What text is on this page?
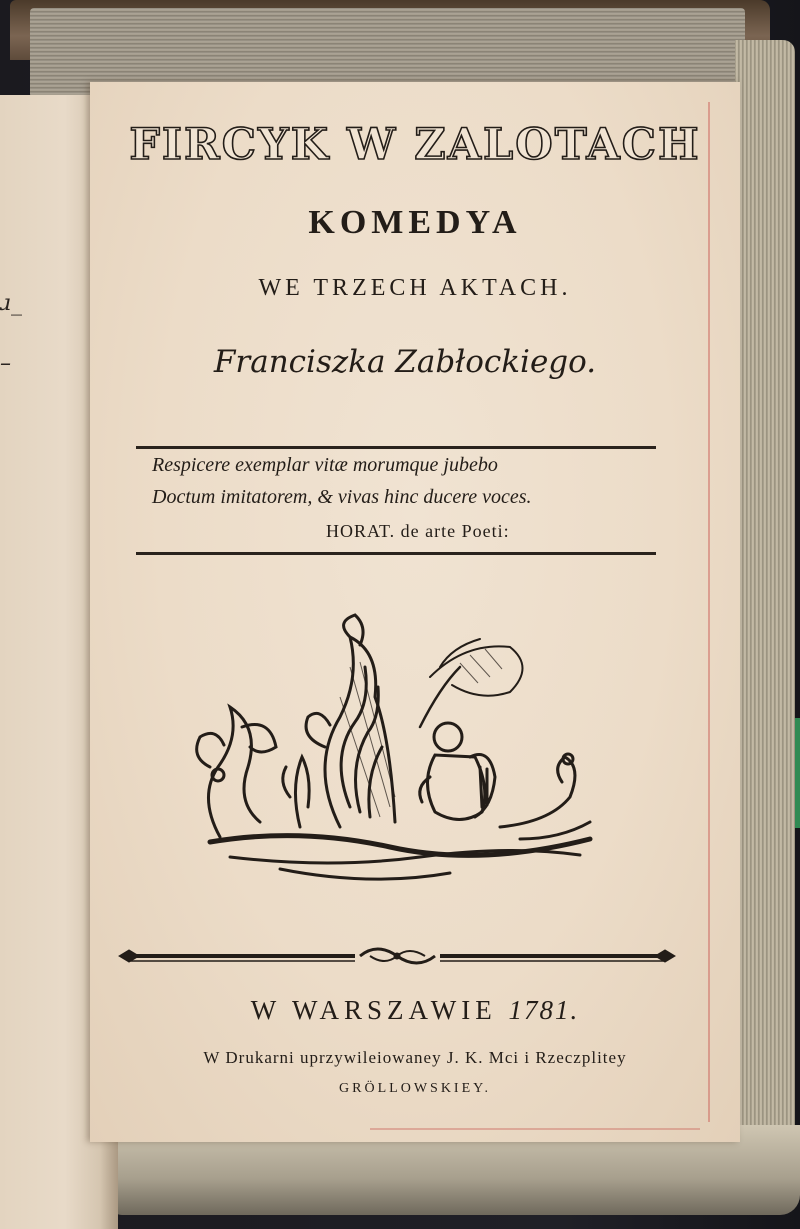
ɹ_
–
FIRCYK W ZALOTACH
KOMEDYA
WE TRZECH AKTACH.
Franciszka Zabłockiego.
Respicere exemplar vitæ morumque jubebo
Doctum imitatorem, & vivas hinc ducere voces.
HORAT. de arte Poeti:
W WARSZAWIE 1781.
W Drukarni uprzywileiowaney J. K. Mci i Rzeczplitey
GRÖLLOWSKIEY.
